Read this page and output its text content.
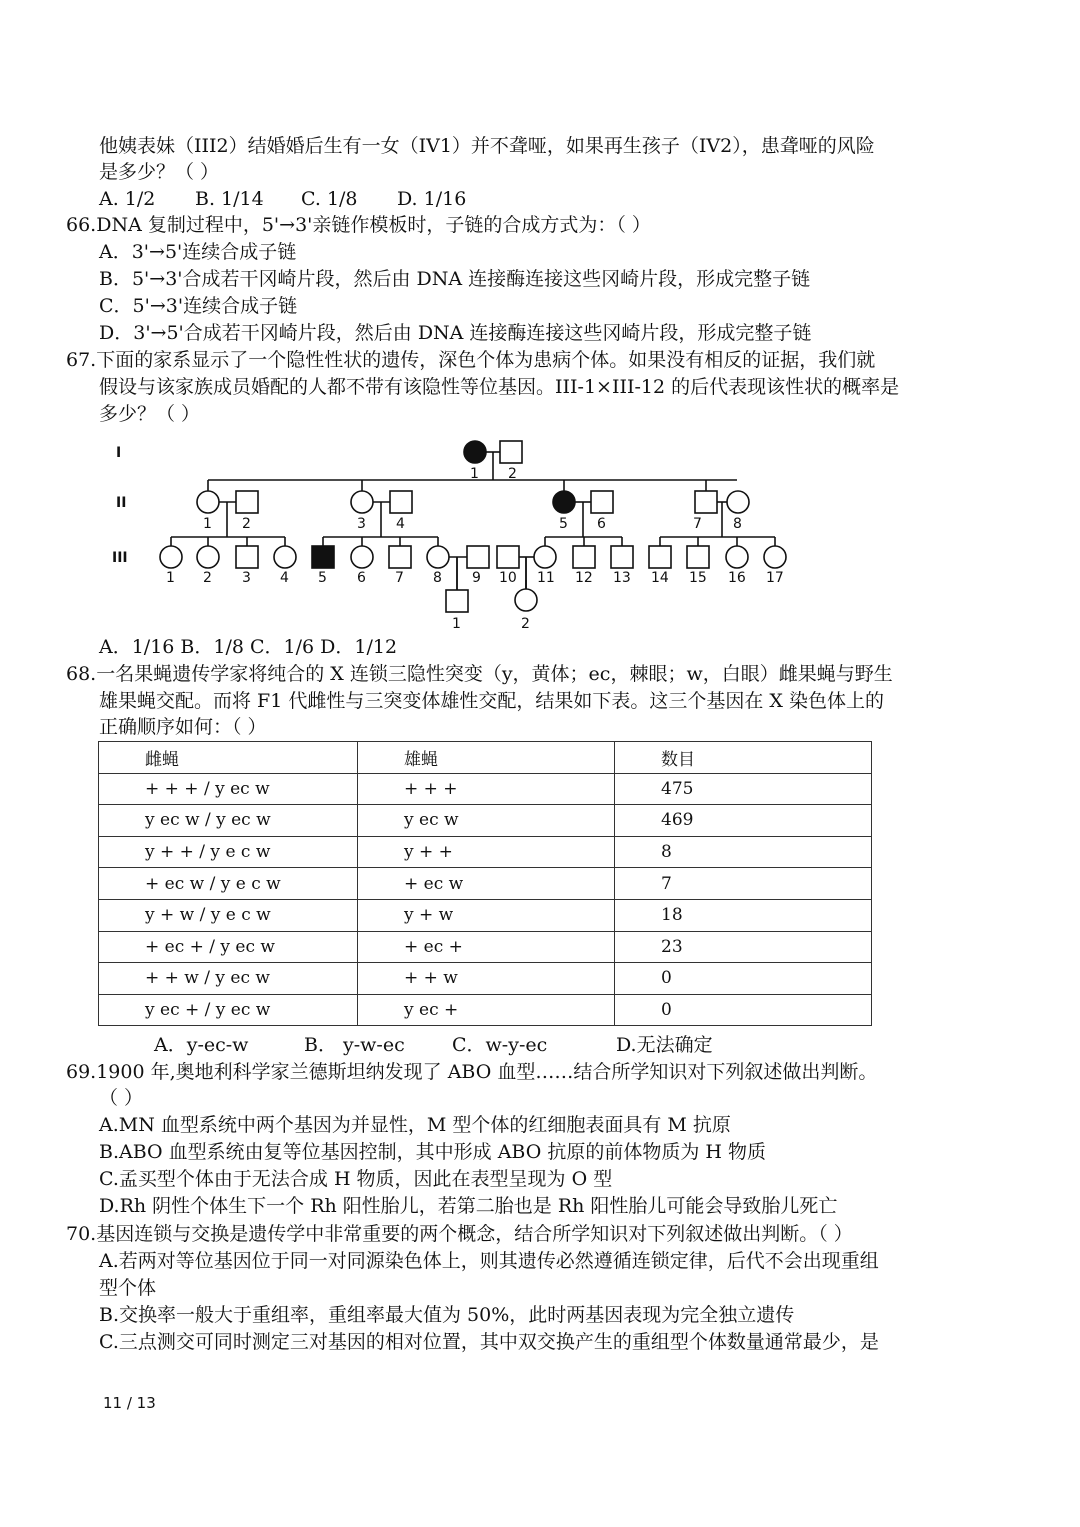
他姨表妹（III2）结婚婚后生有一女（IV1）并不聋哑，如果再生孩子（IV2），患聋哑的风险
是多少？（ ）
A. 1/2 B. 1/14 C. 1/8 D. 1/16
66.DNA 复制过程中，5'→3'亲链作模板时，子链的合成方式为：（ ）
A．3'→5'连续合成子链
B．5'→3'合成若干冈崎片段，然后由 DNA 连接酶连接这些冈崎片段，形成完整子链
C．5'→3'连续合成子链
D．3'→5'合成若干冈崎片段，然后由 DNA 连接酶连接这些冈崎片段，形成完整子链
67.下面的家系显示了一个隐性性状的遗传，深色个体为患病个体。如果没有相反的证据，我们就
假设与该家族成员婚配的人都不带有该隐性等位基因。III-1×III-12 的后代表现该性状的概率是
多少？（ ）
I
II
III
1 2
1 2	3 4	5 6	7 8
1 2 3 4 5 6 7 8 9 10 11 12 13 14 15 16 17
1	2
A．1/16 B．1/8 C．1/6 D．1/12
68.一名果蝇遗传学家将纯合的 X 连锁三隐性突变（y，黄体；ec，棘眼；w，白眼）雌果蝇与野生
雄果蝇交配。而将 F1 代雌性与三突变体雄性交配，结果如下表。这三个基因在 X 染色体上的
正确顺序如何：（ ）
雌蝇	雄蝇	数目
+ + + / y ec w	+ + +	475
y ec w / y ec w	y ec w	469
y + + / y e c w	y + +	8
+ ec w / y e c w	+ ec w	7
y + w / y e c w	y + w	18
+ ec + / y ec w	+ ec +	23
+ + w / y ec w	+ + w	0
y ec + / y ec w	y ec +	0
A．y-ec-w	B． y-w-ec C．w-y-ec	D.无法确定
69.1900 年,奥地利科学家兰德斯坦纳发现了 ABO 血型……结合所学知识对下列叙述做出判断。
（ ）
A.MN 血型系统中两个基因为并显性，M 型个体的红细胞表面具有 M 抗原
B.ABO 血型系统由复等位基因控制，其中形成 ABO 抗原的前体物质为 H 物质
C.孟买型个体由于无法合成 H 物质，因此在表型呈现为 O 型
D.Rh 阴性个体生下一个 Rh 阳性胎儿，若第二胎也是 Rh 阳性胎儿可能会导致胎儿死亡
70.基因连锁与交换是遗传学中非常重要的两个概念，结合所学知识对下列叙述做出判断。（ ）
A.若两对等位基因位于同一对同源染色体上，则其遗传必然遵循连锁定律，后代不会出现重组
型个体
B.交换率一般大于重组率，重组率最大值为 50%，此时两基因表现为完全独立遗传
C.三点测交可同时测定三对基因的相对位置，其中双交换产生的重组型个体数量通常最少，是
11 / 13
